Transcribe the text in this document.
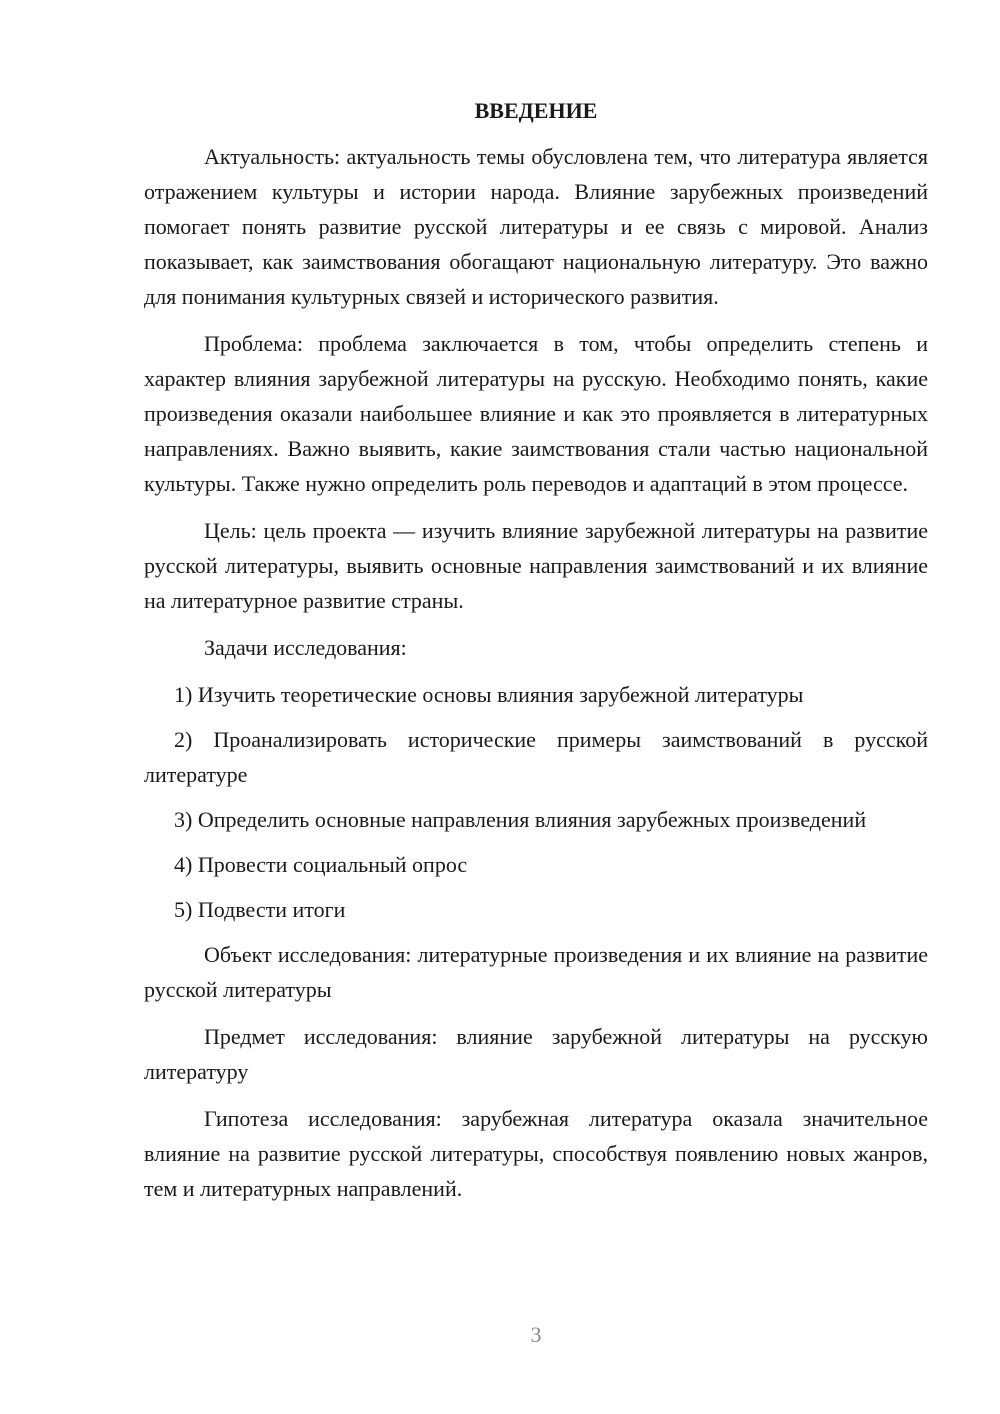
ВВЕДЕНИЕ

Актуальность: актуальность темы обусловлена тем, что литература является отражением культуры и истории народа. Влияние зарубежных произведений помогает понять развитие русской литературы и ее связь с мировой. Анализ показывает, как заимствования обогащают национальную литературу. Это важно для понимания культурных связей и исторического развития.

Проблема: проблема заключается в том, чтобы определить степень и характер влияния зарубежной литературы на русскую. Необходимо понять, какие произведения оказали наибольшее влияние и как это проявляется в литературных направлениях. Важно выявить, какие заимствования стали частью национальной культуры. Также нужно определить роль переводов и адаптаций в этом процессе.

Цель: цель проекта — изучить влияние зарубежной литературы на развитие русской литературы, выявить основные направления заимствований и их влияние на литературное развитие страны.

Задачи исследования:

1) Изучить теоретические основы влияния зарубежной литературы

2) Проанализировать исторические примеры заимствований в русской литературе

3) Определить основные направления влияния зарубежных произведений

4) Провести социальный опрос

5) Подвести итоги

Объект исследования: литературные произведения и их влияние на развитие русской литературы

Предмет исследования: влияние зарубежной литературы на русскую литературу

Гипотеза исследования: зарубежная литература оказала значительное влияние на развитие русской литературы, способствуя появлению новых жанров, тем и литературных направлений.

3
